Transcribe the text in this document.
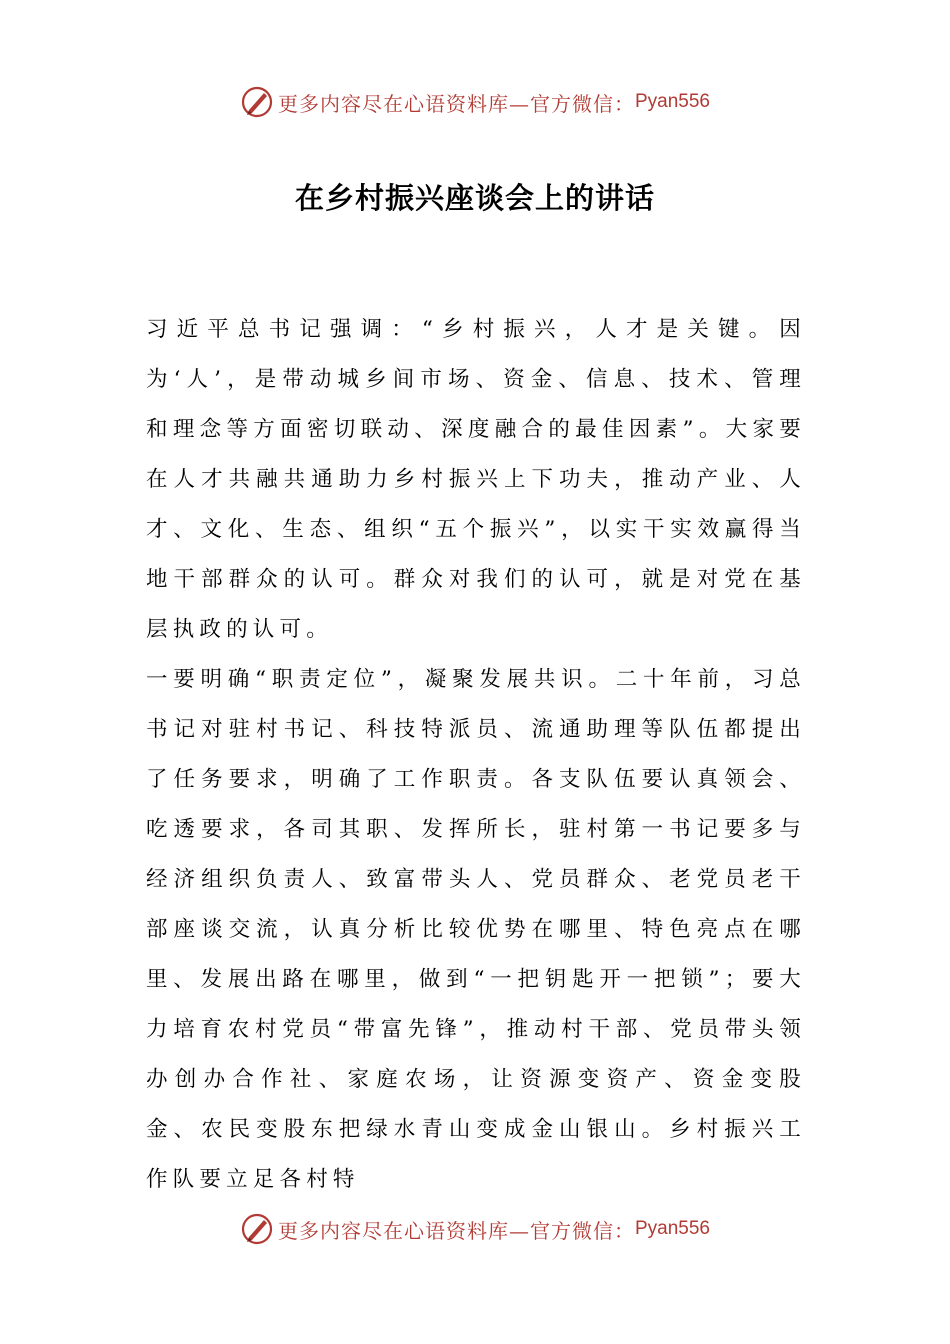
更多内容尽在心语资料库—官方微信： Pyan556
在乡村振兴座谈会上的讲话

习近平总书记强调：“乡村振兴，人才是关键。因为‘人’，是带动城乡间市场、资金、信息、技术、管理和理念等方面密切联动、深度融合的最佳因素”。大家要在人才共融共通助力乡村振兴上下功夫，推动产业、人才、文化、生态、组织“五个振兴”，以实干实效赢得当地干部群众的认可。群众对我们的认可，就是对党在基层执政的认可。

一要明确“职责定位”，凝聚发展共识。二十年前，习总书记对驻村书记、科技特派员、流通助理等队伍都提出了任务要求，明确了工作职责。各支队伍要认真领会、吃透要求，各司其职、发挥所长，驻村第一书记要多与经济组织负责人、致富带头人、党员群众、老党员老干部座谈交流，认真分析比较优势在哪里、特色亮点在哪里、发展出路在哪里，做到“一把钥匙开一把锁”；要大力培育农村党员“带富先锋”，推动村干部、党员带头领办创办合作社、家庭农场，让资源变资产、资金变股金、农民变股东把绿水青山变成金山银山。乡村振兴工作队要立足各村特

更多内容尽在心语资料库—官方微信： Pyan556
